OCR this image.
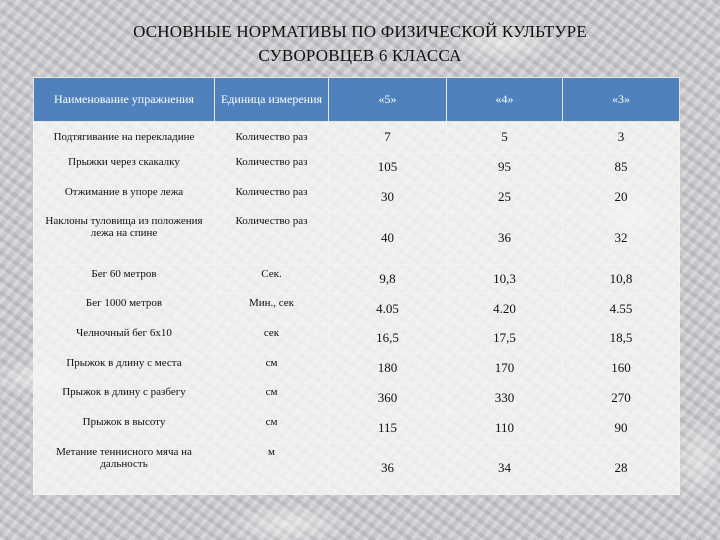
ОСНОВНЫЕ НОРМАТИВЫ ПО ФИЗИЧЕСКОЙ КУЛЬТУРЕ
СУВОРОВЦЕВ 6 КЛАССА
Наименование упражнения	Единица измерения	«5»	«4»	«3»
Подтягивание на перекладине	Количество раз	7	5	3
Прыжки через скакалку	Количество раз	105	95	85
Отжимание в упоре лежа	Количество раз	30	25	20
Наклоны туловища из положения лежа на спине	Количество раз	40	36	32
Бег 60 метров	Сек.	9,8	10,3	10,8
Бег 1000 метров	Мин., сек	4.05	4.20	4.55
Челночный бег 6х10	сек	16,5	17,5	18,5
Прыжок в длину с места	см	180	170	160
Прыжок в длину с разбегу	см	360	330	270
Прыжок в высоту	см	115	110	90
Метание теннисного мяча на дальность	м	36	34	28
